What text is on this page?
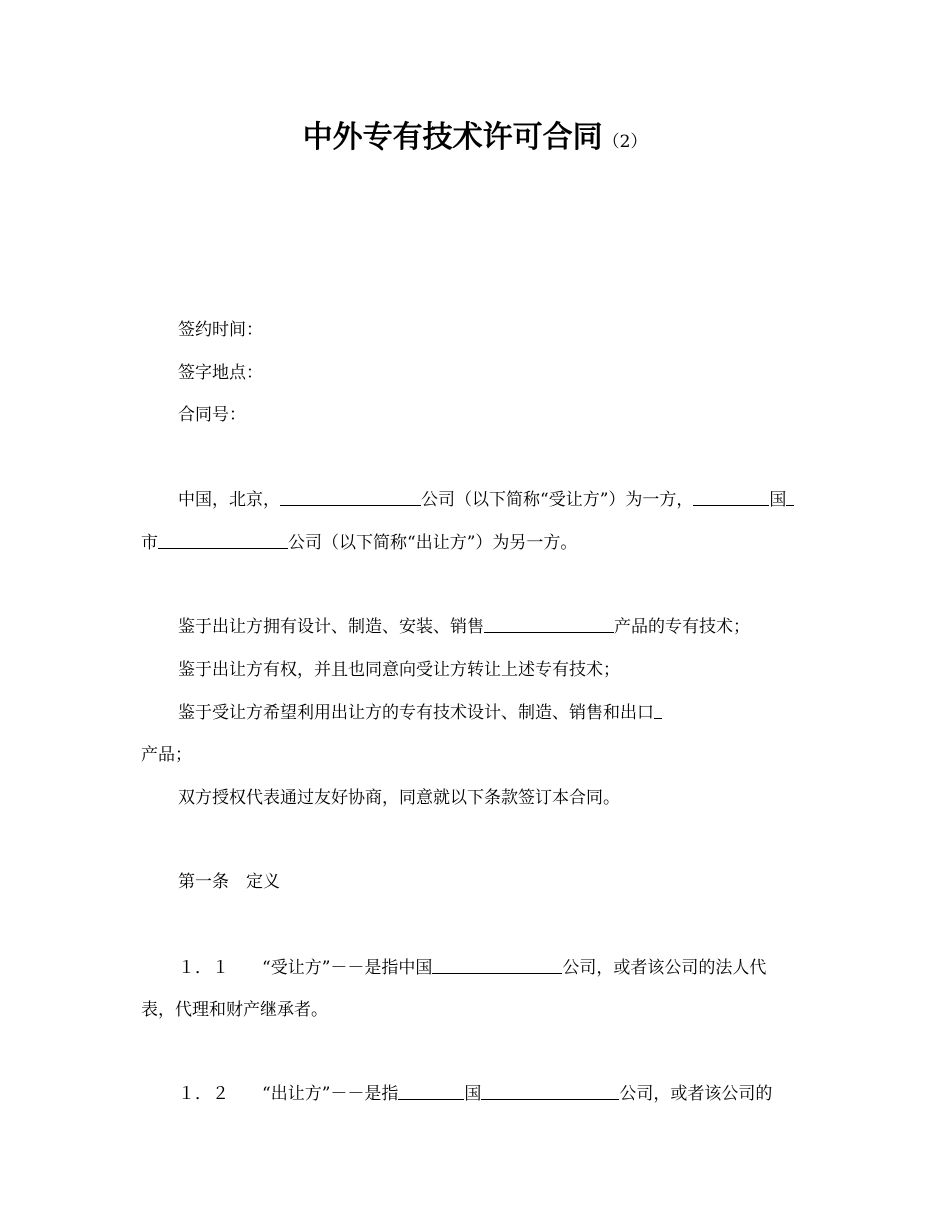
中外专有技术许可合同（2）
签约时间：
签字地点：
合同号：
中国，北京，	公司（以下简称“受让方”）为一方，	国
市	公司（以下简称“出让方”）为另一方。
鉴于出让方拥有设计、制造、安装、销售	产品的专有技术；
鉴于出让方有权，并且也同意向受让方转让上述专有技术；
鉴于受让方希望利用出让方的专有技术设计、制造、销售和出口
产品；
双方授权代表通过友好协商，同意就以下条款签订本合同。
第一条　定义
１．１ “受让方”－－是指中国	公司，或者该公司的法人代
表，代理和财产继承者。
１．２ “出让方”－－是指	国	公司，或者该公司的
